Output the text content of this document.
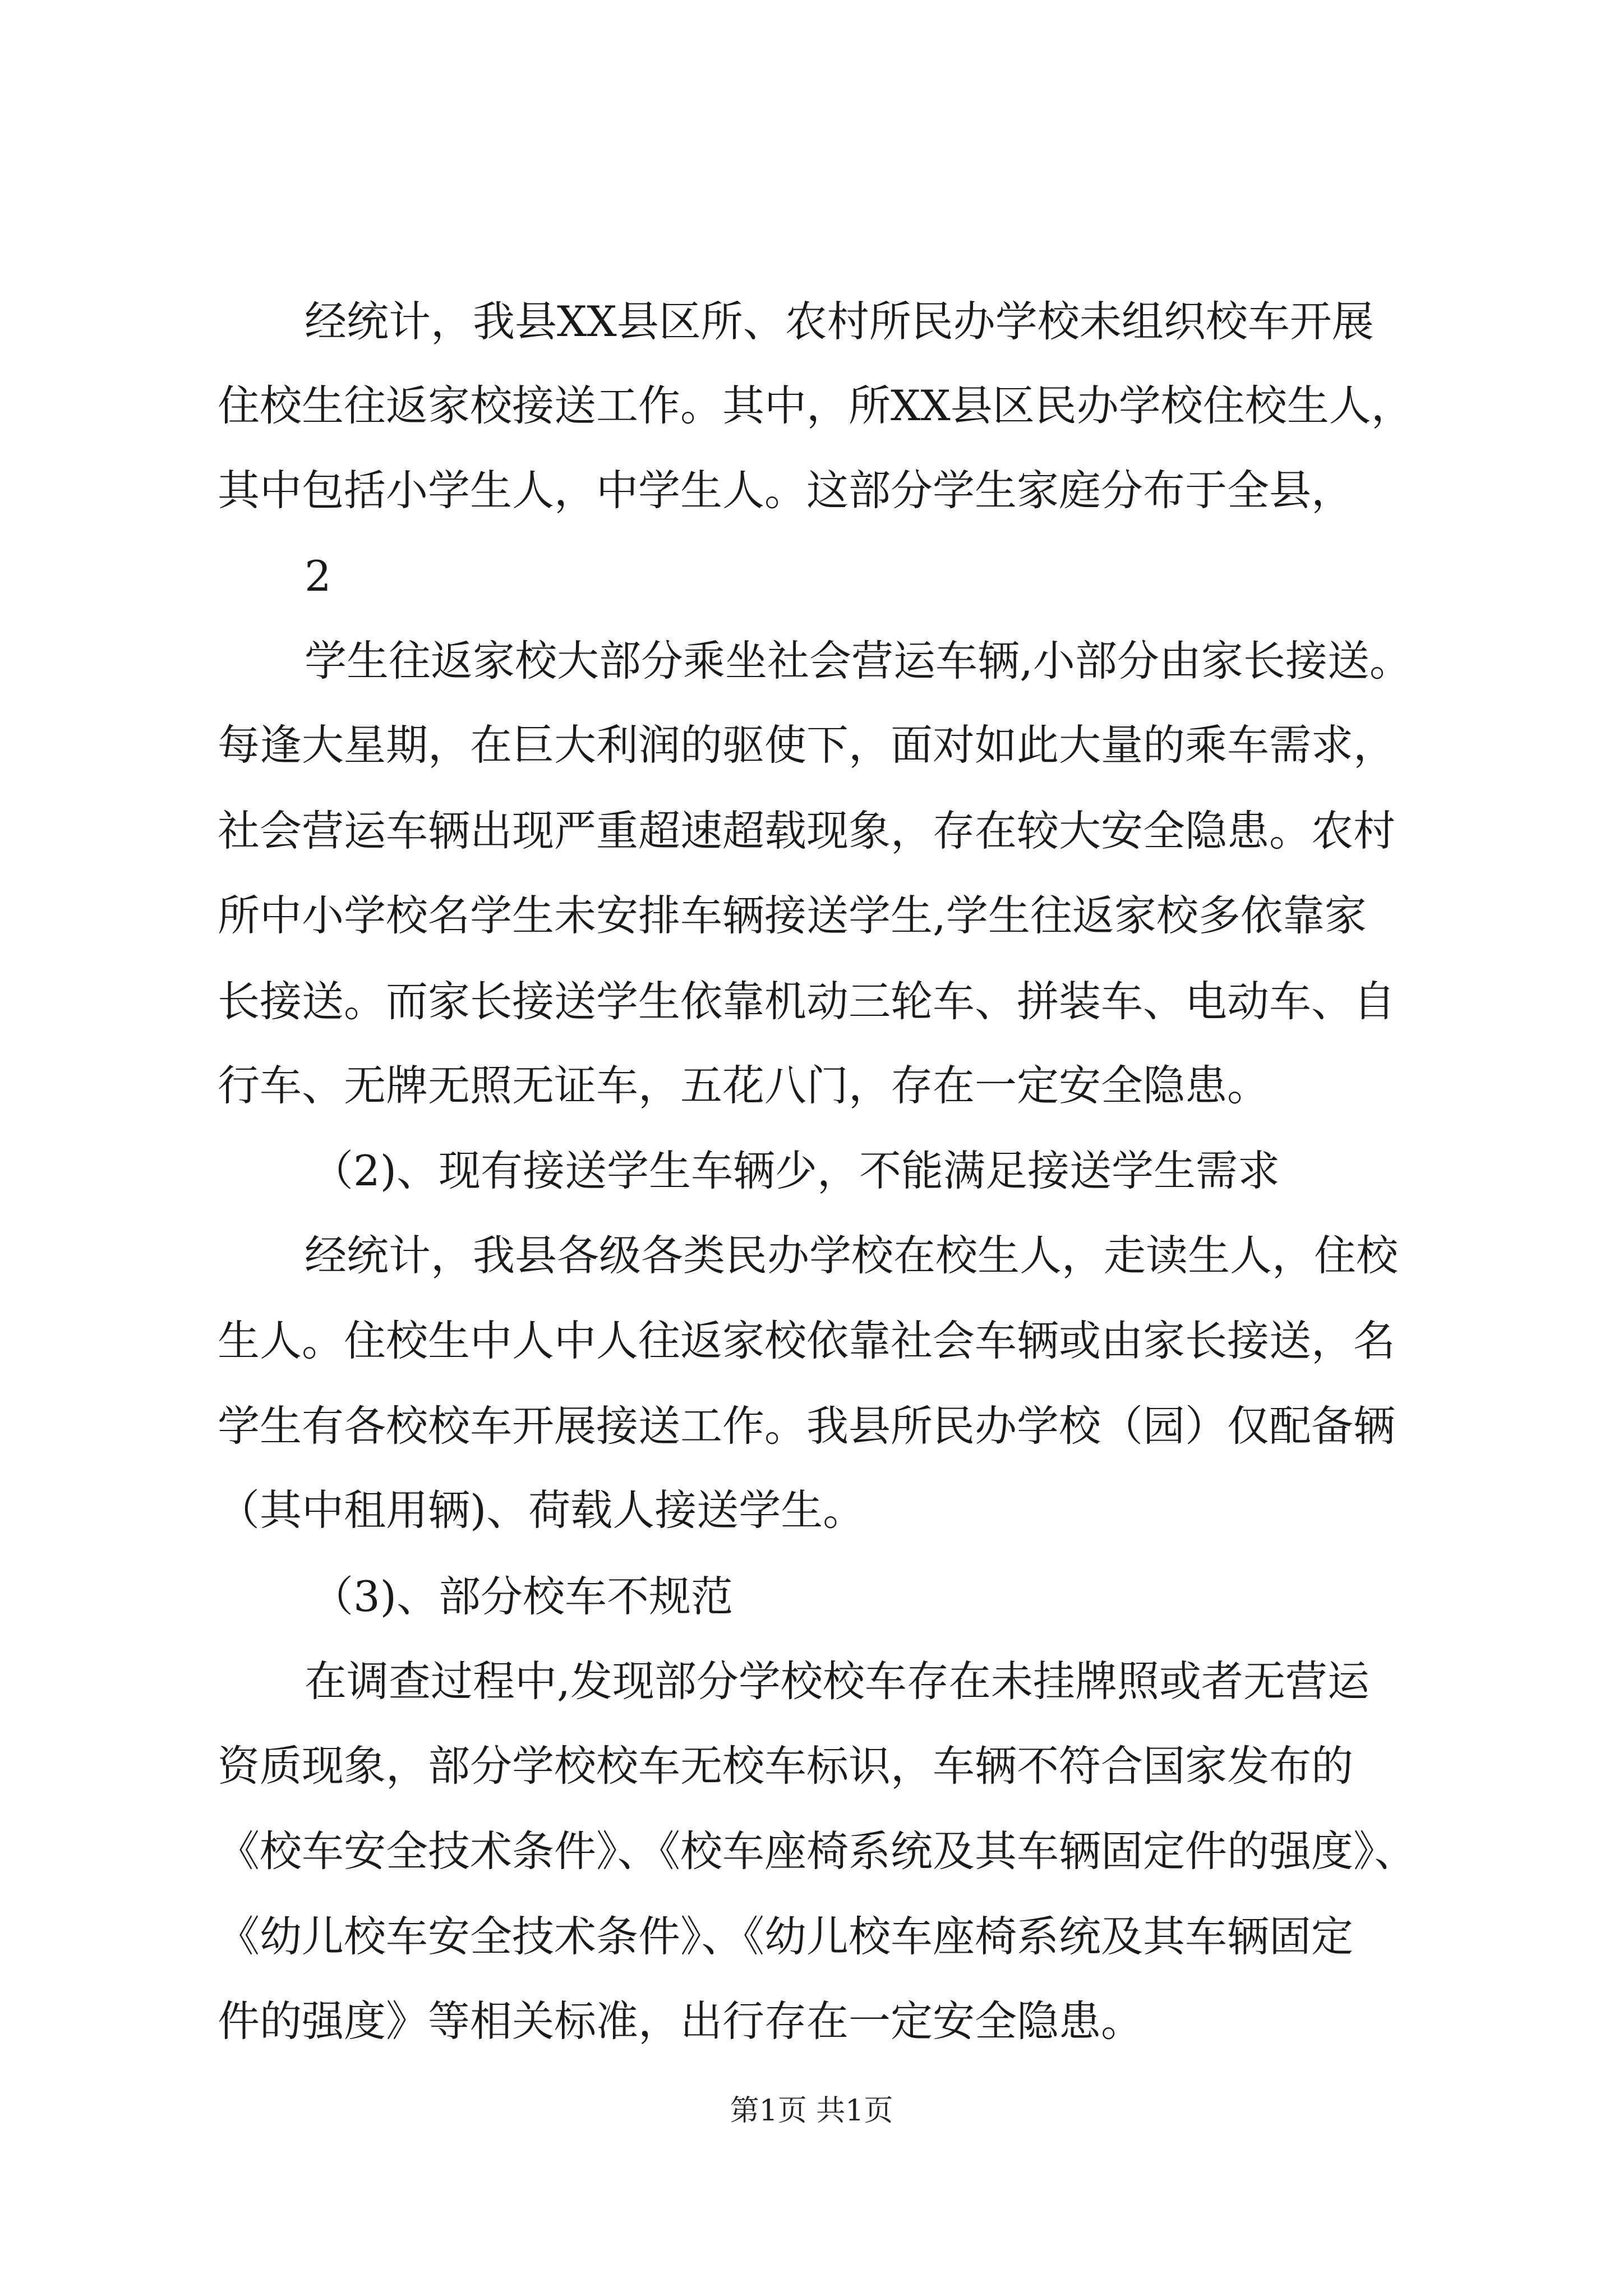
经统计，我县XX县区所、农村所民办学校未组织校车开展
住校生往返家校接送工作。其中，所XX县区民办学校住校生人，
其中包括小学生人，中学生人。这部分学生家庭分布于全县，
2
学生往返家校大部分乘坐社会营运车辆,小部分由家长接送。
每逢大星期，在巨大利润的驱使下，面对如此大量的乘车需求，
社会营运车辆出现严重超速超载现象，存在较大安全隐患。农村
所中小学校名学生未安排车辆接送学生,学生往返家校多依靠家
长接送。而家长接送学生依靠机动三轮车、拼装车、电动车、自
行车、无牌无照无证车，五花八门，存在一定安全隐患。
（2)、现有接送学生车辆少，不能满足接送学生需求
经统计，我县各级各类民办学校在校生人，走读生人，住校
生人。住校生中人中人往返家校依靠社会车辆或由家长接送，名
学生有各校校车开展接送工作。我县所民办学校（园）仅配备辆
（其中租用辆)、荷载人接送学生。
（3)、部分校车不规范
在调查过程中,发现部分学校校车存在未挂牌照或者无营运
资质现象，部分学校校车无校车标识，车辆不符合国家发布的
《校车安全技术条件》、《校车座椅系统及其车辆固定件的强度》、
《幼儿校车安全技术条件》、《幼儿校车座椅系统及其车辆固定
件的强度》等相关标准，出行存在一定安全隐患。
第1页 共1页
